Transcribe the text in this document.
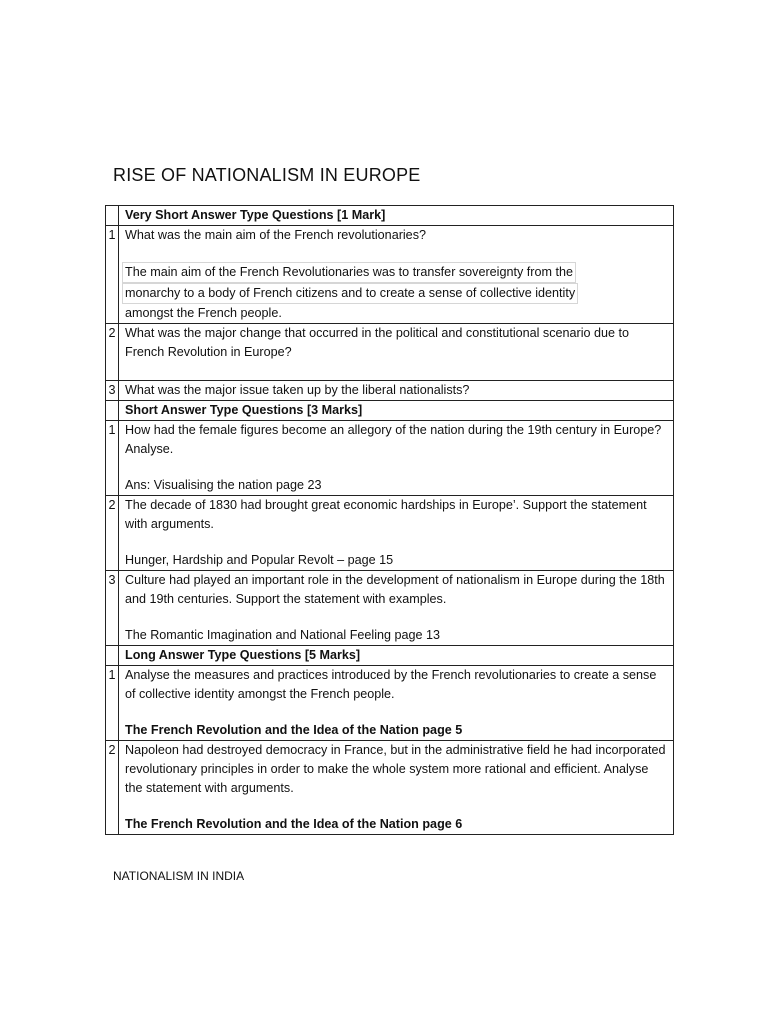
RISE OF NATIONALISM IN EUROPE
	Very Short Answer Type Questions [1 Mark]
1	What was the main aim of the French revolutionaries?
The main aim of the French Revolutionaries was to transfer sovereignty from the
monarchy to a body of French citizens and to create a sense of collective identity
amongst the French people.

2	What was the major change that occurred in the political and constitutional scenario due to French Revolution in Europe?

3	What was the major issue taken up by the liberal nationalists?

	Short Answer Type Questions [3 Marks]
1	How had the female figures become an allegory of the nation during the 19th century in Europe? Analyse.
Ans: Visualising the nation page 23

2	The decade of 1830 had brought great economic hardships in Europe’. Support the statement with arguments.
Hunger, Hardship and Popular Revolt – page 15

3	Culture had played an important role in the development of nationalism in Europe during the 18th and 19th centuries. Support the statement with examples.
The Romantic Imagination and National Feeling page 13

	Long Answer Type Questions [5 Marks]
1	Analyse the measures and practices introduced by the French revolutionaries to create a sense of collective identity amongst the French people.
The French Revolution and the Idea of the Nation page 5

2	Napoleon had destroyed democracy in France, but in the administrative field he had incorporated revolutionary principles in order to make the whole system more rational and efficient. Analyse the statement with arguments.
The French Revolution and the Idea of the Nation page 6
NATIONALISM IN INDIA
